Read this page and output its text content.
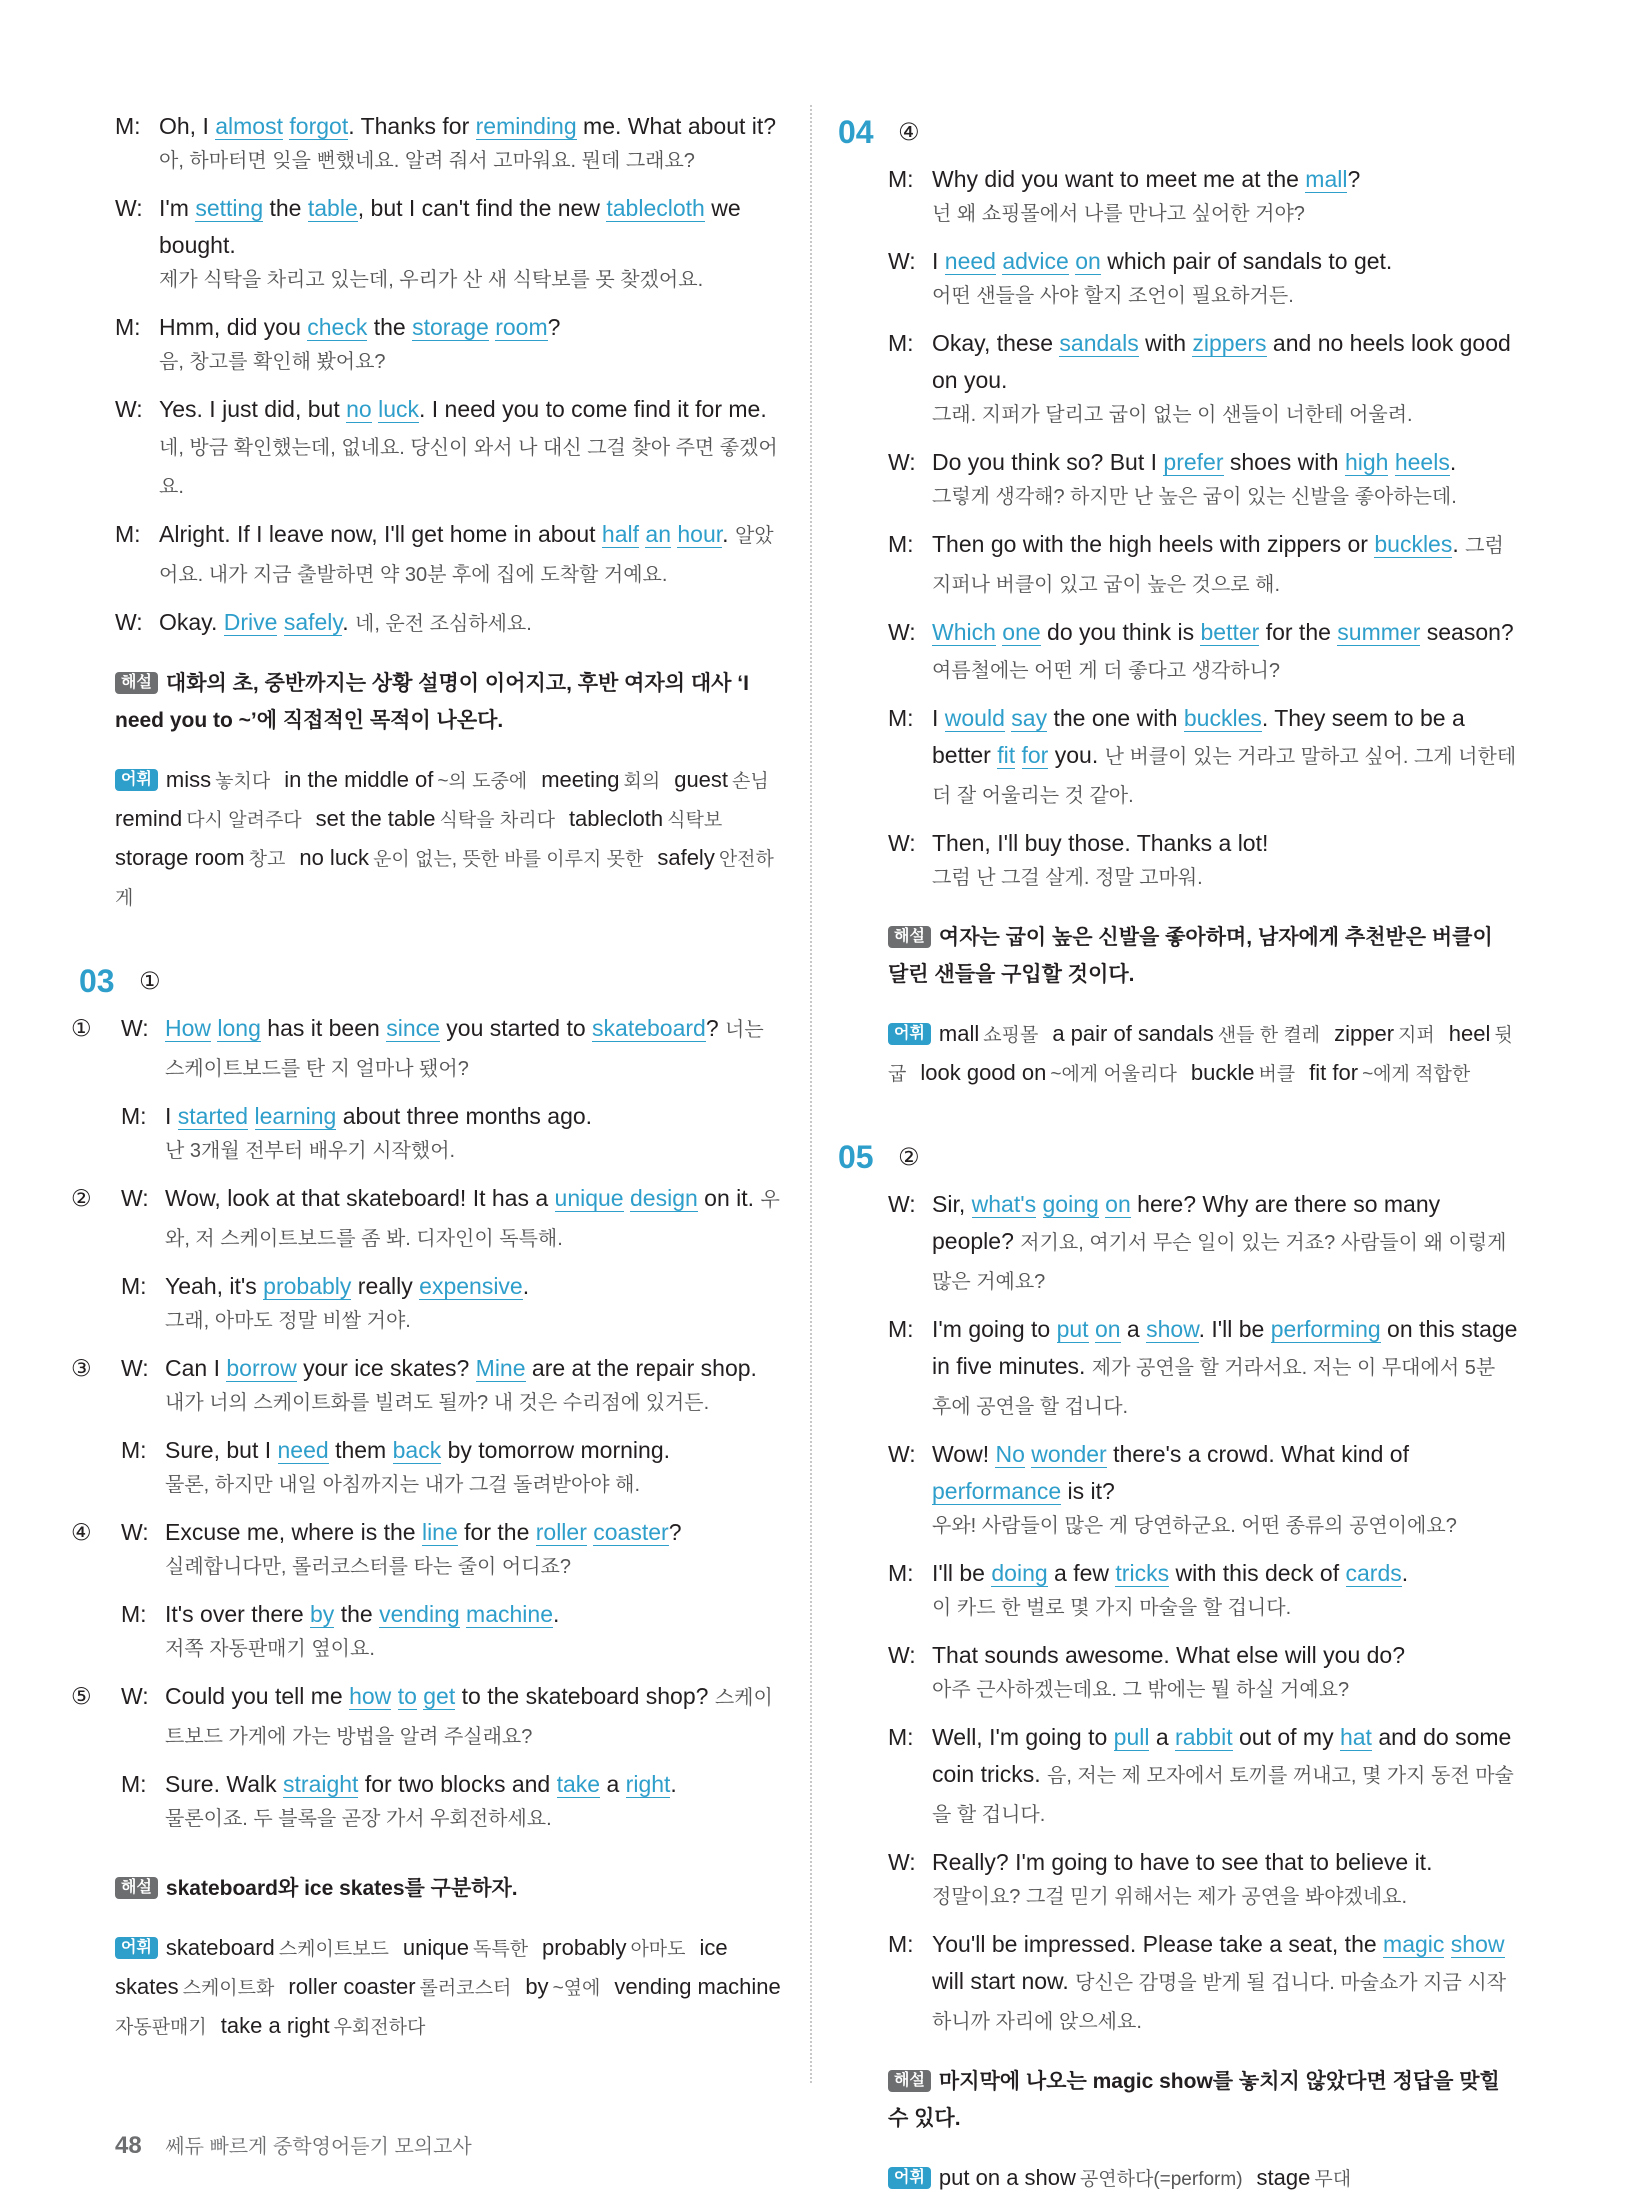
M: Oh, I almost forgot. Thanks for reminding me. What about it?
아, 하마터면 잊을 뻔했네요. 알려 줘서 고마워요. 뭔데 그래요?
W: I'm setting the table, but I can't find the new tablecloth we bought.
제가 식탁을 차리고 있는데, 우리가 산 새 식탁보를 못 찾겠어요.
M: Hmm, did you check the storage room?
음, 창고를 확인해 봤어요?
W: Yes. I just did, but no luck. I need you to come find it for me. 네, 방금 확인했는데, 없네요. 당신이 와서 나 대신 그걸 찾아 주면 좋겠어요.
M: Alright. If I leave now, I'll get home in about half an hour. 알았어요. 내가 지금 출발하면 약 30분 후에 집에 도착할 거예요.
W: Okay. Drive safely. 네, 운전 조심하세요.
해설 대화의 초, 중반까지는 상황 설명이 이어지고, 후반 여자의 대사 ‘I need you to ~’에 직접적인 목적이 나온다.
어휘 miss 놓치다 in the middle of ~의 도중에 meeting 회의 guest 손님remind 다시 알려주다 set the table 식탁을 차리다 tablecloth 식탁보storage room 창고 no luck 운이 없는, 뜻한 바를 이루지 못한 safely 안전하게
03	①
①	W: How long has it been since you started to skateboard? 너는 스케이트보드를 탄 지 얼마나 됐어?
M: I started learning about three months ago.
난 3개월 전부터 배우기 시작했어.
②	W: Wow, look at that skateboard! It has a unique design on it. 우와, 저 스케이트보드를 좀 봐. 디자인이 독특해.
M: Yeah, it's probably really expensive.
그래, 아마도 정말 비쌀 거야.
③	W: Can I borrow your ice skates? Mine are at the repair shop.
내가 너의 스케이트화를 빌려도 될까? 내 것은 수리점에 있거든.
M: Sure, but I need them back by tomorrow morning.
물론, 하지만 내일 아침까지는 내가 그걸 돌려받아야 해.
④	W: Excuse me, where is the line for the roller coaster?
실례합니다만, 롤러코스터를 타는 줄이 어디죠?
M: It's over there by the vending machine.
저쪽 자동판매기 옆이요.
⑤	W: Could you tell me how to get to the skateboard shop? 스케이트보드 가게에 가는 방법을 알려 주실래요?
M: Sure. Walk straight for two blocks and take a right.
물론이죠. 두 블록을 곧장 가서 우회전하세요.
해설 skateboard와 ice skates를 구분하자.
어휘 skateboard 스케이트보드 unique 독특한 probably 아마도 ice skates 스케이트화 roller coaster 롤러코스터 by ~옆에 vending machine자동판매기 take a right 우회전하다
04	④
M: Why did you want to meet me at the mall?
넌 왜 쇼핑몰에서 나를 만나고 싶어한 거야?
W: I need advice on which pair of sandals to get.
어떤 샌들을 사야 할지 조언이 필요하거든.
M: Okay, these sandals with zippers and no heels look good on you.
그래. 지퍼가 달리고 굽이 없는 이 샌들이 너한테 어울려.
W: Do you think so? But I prefer shoes with high heels.
그렇게 생각해? 하지만 난 높은 굽이 있는 신발을 좋아하는데.
M: Then go with the high heels with zippers or buckles. 그럼 지퍼나 버클이 있고 굽이 높은 것으로 해.
W: Which one do you think is better for the summer season? 여름철에는 어떤 게 더 좋다고 생각하니?
M: I would say the one with buckles. They seem to be a better fit for you. 난 버클이 있는 거라고 말하고 싶어. 그게 너한테 더 잘 어울리는 것 같아.
W: Then, I'll buy those. Thanks a lot!
그럼 난 그걸 살게. 정말 고마워.
해설 여자는 굽이 높은 신발을 좋아하며, 남자에게 추천받은 버클이 달린 샌들을 구입할 것이다.
어휘 mall 쇼핑몰 a pair of sandals 샌들 한 켤레 zipper 지퍼 heel 뒷굽 look good on ~에게 어울리다 buckle 버클 fit for ~에게 적합한
05	②
W: Sir, what's going on here? Why are there so many people? 저기요, 여기서 무슨 일이 있는 거죠? 사람들이 왜 이렇게 많은 거예요?
M: I'm going to put on a show. I'll be performing on this stage in five minutes. 제가 공연을 할 거라서요. 저는 이 무대에서 5분 후에 공연을 할 겁니다.
W: Wow! No wonder there's a crowd. What kind of performance is it?
우와! 사람들이 많은 게 당연하군요. 어떤 종류의 공연이에요?
M: I'll be doing a few tricks with this deck of cards.
이 카드 한 벌로 몇 가지 마술을 할 겁니다.
W: That sounds awesome. What else will you do?
아주 근사하겠는데요. 그 밖에는 뭘 하실 거예요?
M: Well, I'm going to pull a rabbit out of my hat and do some coin tricks. 음, 저는 제 모자에서 토끼를 꺼내고, 몇 가지 동전 마술을 할 겁니다.
W: Really? I'm going to have to see that to believe it.
정말이요? 그걸 믿기 위해서는 제가 공연을 봐야겠네요.
M: You'll be impressed. Please take a seat, the magic show will start now. 당신은 감명을 받게 될 겁니다. 마술쇼가 지금 시작하니까 자리에 앉으세요.
해설 마지막에 나오는 magic show를 놓치지 않았다면 정답을 맞힐 수 있다.
어휘 put on a show 공연하다(=perform) stage 무대
48 쎄듀 빠르게 중학영어듣기 모의고사
